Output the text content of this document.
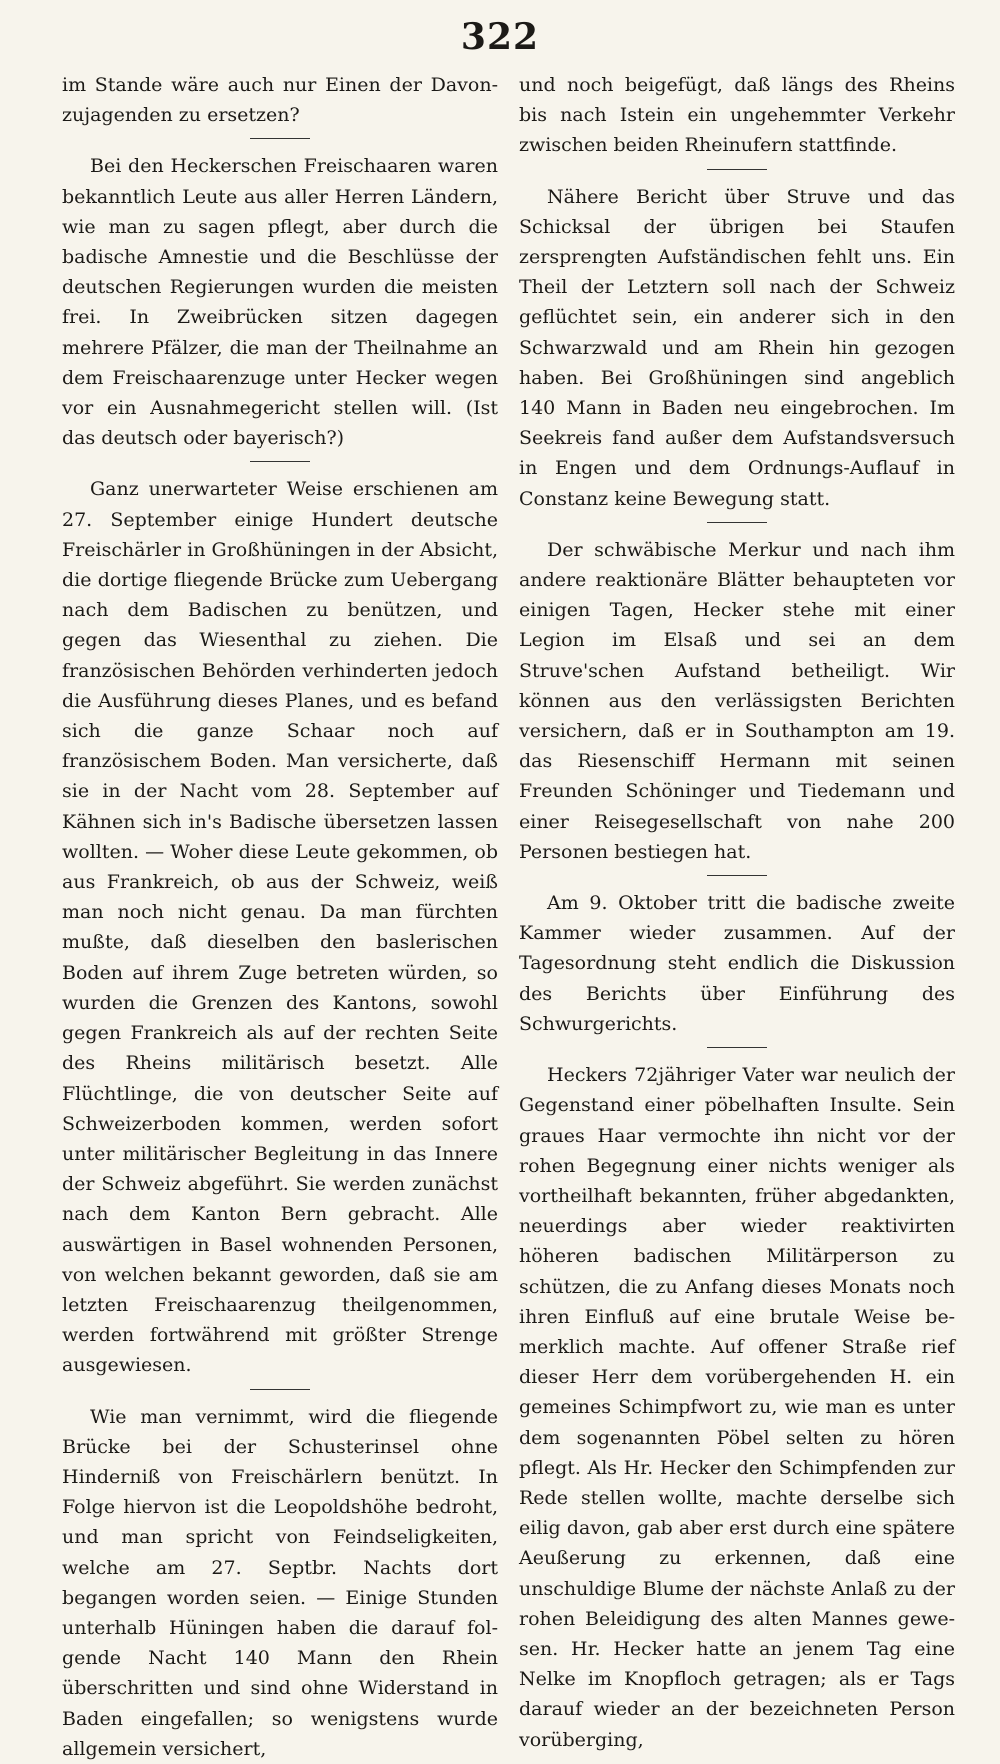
322

im Stande wäre auch nur Einen der Davonzujagenden zu ersetzen?

Bei den Heckerschen Freischaaren waren bekanntlich Leute aus aller Herren Ländern, wie man zu sagen pflegt, aber durch die badische Amnestie und die Beschlüsse der deutschen Regierungen wurden die meisten frei. In Zweibrücken sitzen dagegen mehrere Pfälzer, die man der Theilnahme an dem Freischaarenzuge unter Hecker wegen vor ein Ausnahmegericht stellen will. (Ist das deutsch oder bayerisch?)

Ganz unerwarteter Weise erschienen am 27. September einige Hundert deutsche Freischärler in Großhüningen in der Absicht, die dortige fliegende Brücke zum Uebergang nach dem Badischen zu benützen, und gegen das Wiesenthal zu ziehen. Die französischen Behörden verhinderten jedoch die Ausführung dieses Planes, und es befand sich die ganze Schaar noch auf französischem Boden. Man versicherte, daß sie in der Nacht vom 28. September auf Kähnen sich in's Badische übersetzen lassen wollten. — Woher diese Leute gekommen, ob aus Frankreich, ob aus der Schweiz, weiß man noch nicht genau. Da man fürchten mußte, daß dieselben den baslerischen Boden auf ihrem Zuge betreten würden, so wurden die Grenzen des Kantons, sowohl gegen Frankreich als auf der rechten Seite des Rheins militärisch besetzt. Alle Flüchtlinge, die von deutscher Seite auf Schweizerboden kommen, werden sofort unter militärischer Begleitung in das Innere der Schweiz abgeführt. Sie werden zunächst nach dem Kanton Bern gebracht. Alle auswärtigen in Basel wohnenden Personen, von welchen bekannt geworden, daß sie am letzten Freischaarenzug theilgenommen, werden fortwährend mit größter Strenge ausgewiesen.

Wie man vernimmt, wird die fliegende Brücke bei der Schusterinsel ohne Hinderniß von Freischärlern benützt. In Folge hiervon ist die Leopoldshöhe bedroht, und man spricht von Feindseligkeiten, welche am 27. Septbr. Nachts dort begangen worden seien. — Einige Stunden unterhalb Hüningen haben die darauf folgende Nacht 140 Mann den Rhein überschritten und sind ohne Widerstand in Baden eingefallen; so wenigstens wurde allgemein versichert,

und noch beigefügt, daß längs des Rheins bis nach Istein ein ungehemmter Verkehr zwischen beiden Rheinufern stattfinde.

Nähere Bericht über Struve und das Schicksal der übrigen bei Staufen zersprengten Aufständischen fehlt uns. Ein Theil der Letztern soll nach der Schweiz geflüchtet sein, ein anderer sich in den Schwarzwald und am Rhein hin gezogen haben. Bei Großhüningen sind angeblich 140 Mann in Baden neu eingebrochen. Im Seekreis fand außer dem Aufstandsversuch in Engen und dem Ordnungs-Auflauf in Constanz keine Bewegung statt.

Der schwäbische Merkur und nach ihm andere reaktionäre Blätter behaupteten vor einigen Tagen, Hecker stehe mit einer Legion im Elsaß und sei an dem Struve'schen Aufstand betheiligt. Wir können aus den verlässigsten Berichten versichern, daß er in Southampton am 19. das Riesenschiff Hermann mit seinen Freunden Schöninger und Tiedemann und einer Reisegesellschaft von nahe 200 Personen bestiegen hat.

Am 9. Oktober tritt die badische zweite Kammer wieder zusammen. Auf der Tagesordnung steht endlich die Diskussion des Berichts über Einführung des Schwurgerichts.

Heckers 72jähriger Vater war neulich der Gegenstand einer pöbelhaften Insulte. Sein graues Haar vermochte ihn nicht vor der rohen Begegnung einer nichts weniger als vortheilhaft bekannten, früher abgedankten, neuerdings aber wieder reaktivirten höheren badischen Militärperson zu schützen, die zu Anfang dieses Monats noch ihren Einfluß auf eine brutale Weise bemerklich machte. Auf offener Straße rief dieser Herr dem vorübergehenden H. ein gemeines Schimpfwort zu, wie man es unter dem sogenannten Pöbel selten zu hören pflegt. Als Hr. Hecker den Schimpfenden zur Rede stellen wollte, machte derselbe sich eilig davon, gab aber erst durch eine spätere Aeußerung zu erkennen, daß eine unschuldige Blume der nächste Anlaß zu der rohen Beleidigung des alten Mannes gewesen. Hr. Hecker hatte an jenem Tag eine Nelke im Knopfloch getragen; als er Tags darauf wieder an der bezeichneten Person vorüberging,
